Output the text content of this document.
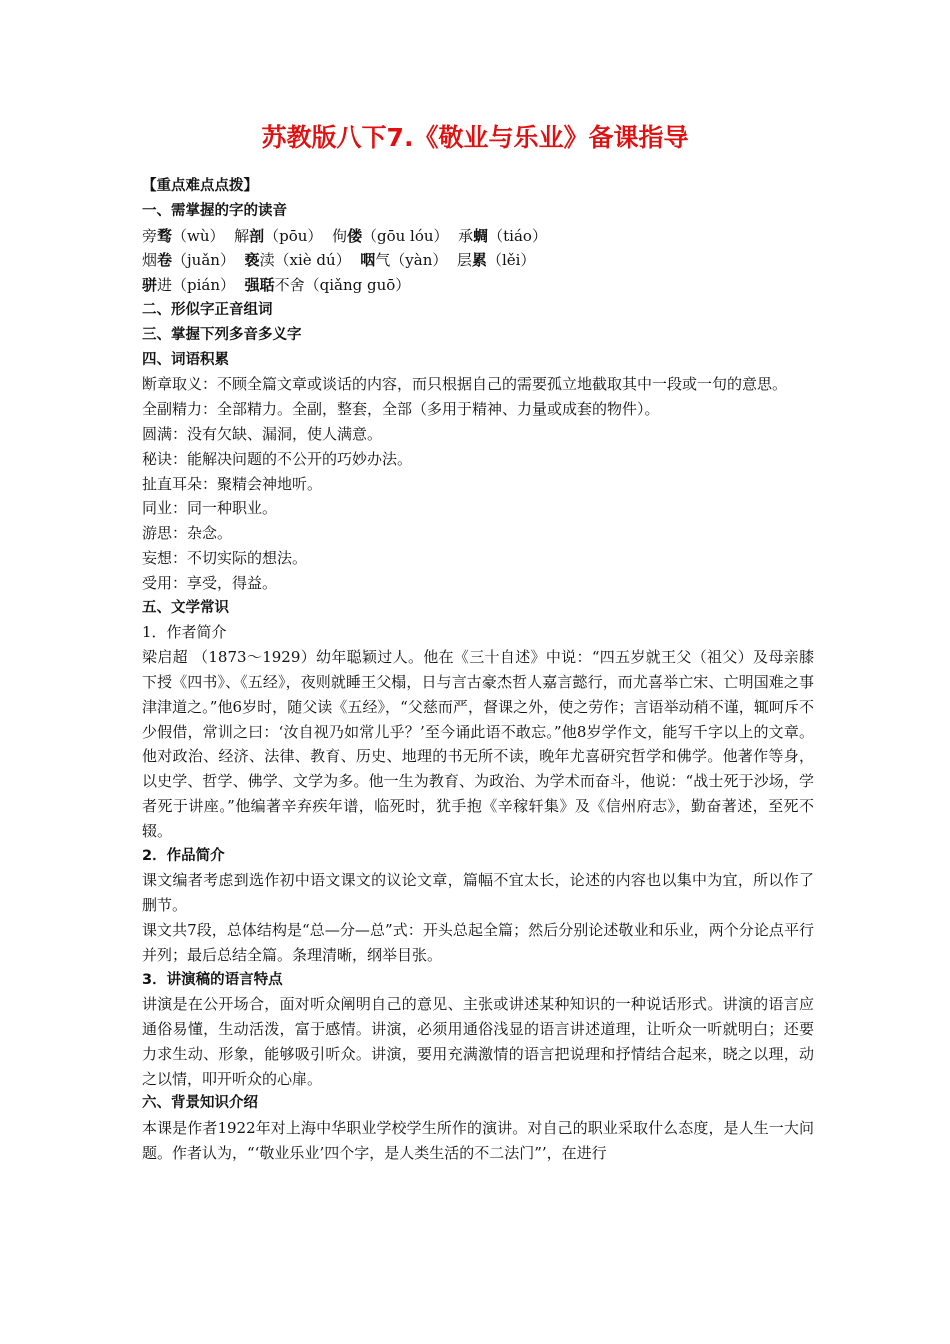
苏教版八下7.《敬业与乐业》备课指导

【重点难点点拨】

一、需掌握的字的读音

旁骛（wù） 解剖（pōu） 佝偻（gōu lóu） 承蜩（tiáo）

烟卷（juǎn） 亵渎（xiè dú） 咽气（yàn） 层累（lěi）

骈进（pián） 强聒不舍（qiǎng guō）

二、形似字正音组词

三、掌握下列多音多义字

四、词语积累

断章取义：不顾全篇文章或谈话的内容，而只根据自己的需要孤立地截取其中一段或一句的意思。

全副精力：全部精力。全副，整套，全部（多用于精神、力量或成套的物件）。

圆满：没有欠缺、漏洞，使人满意。

秘诀：能解决问题的不公开的巧妙办法。

扯直耳朵：聚精会神地听。

同业：同一种职业。

游思：杂念。

妄想：不切实际的想法。

受用：享受，得益。

五、文学常识

1．作者简介

梁启超 （1873～1929）幼年聪颖过人。他在《三十自述》中说：“四五岁就王父（祖父）及母亲膝下授《四书》、《五经》，夜则就睡王父榻，日与言古豪杰哲人嘉言懿行，而尤喜举亡宋、亡明国难之事津津道之。”他6岁时，随父读《五经》，“父慈而严，督课之外，使之劳作；言语举动稍不谨，辄呵斥不少假借，常训之曰：‘汝自视乃如常儿乎？’至今诵此语不敢忘。”他8岁学作文，能写千字以上的文章。他对政治、经济、法律、教育、历史、地理的书无所不读，晚年尤喜研究哲学和佛学。他著作等身，以史学、哲学、佛学、文学为多。他一生为教育、为政治、为学术而奋斗，他说：“战士死于沙场，学者死于讲座。”他编著辛弃疾年谱，临死时，犹手抱《辛稼轩集》及《信州府志》，勤奋著述，至死不辍。

2．作品简介

课文编者考虑到选作初中语文课文的议论文章，篇幅不宜太长，论述的内容也以集中为宜，所以作了删节。

课文共7段，总体结构是“总—分—总”式：开头总起全篇；然后分别论述敬业和乐业，两个分论点平行并列；最后总结全篇。条理清晰，纲举目张。

3．讲演稿的语言特点

讲演是在公开场合，面对听众阐明自己的意见、主张或讲述某种知识的一种说话形式。讲演的语言应通俗易懂，生动活泼，富于感情。讲演，必须用通俗浅显的语言讲述道理，让听众一听就明白；还要力求生动、形象，能够吸引听众。讲演，要用充满激情的语言把说理和抒情结合起来，晓之以理，动之以情，叩开听众的心扉。

六、背景知识介绍

本课是作者1922年对上海中华职业学校学生所作的演讲。对自己的职业采取什么态度，是人生一大问题。作者认为，“‘敬业乐业’四个字，是人类生活的不二法门”’，在进行
